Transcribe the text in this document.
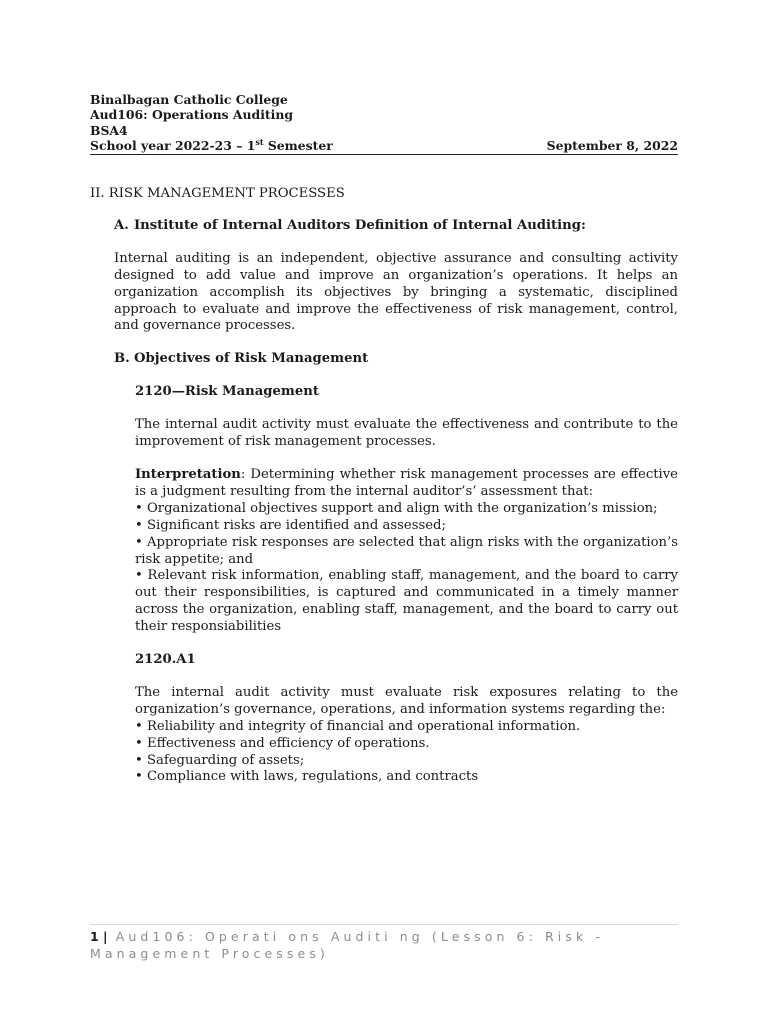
Binalbagan Catholic College
Aud106: Operations Auditing
BSA4
School year 2022-23 – 1st Semester	September 8, 2022
II. RISK MANAGEMENT PROCESSES
A. Institute of Internal Auditors Definition of Internal Auditing:
Internal auditing is an independent, objective assurance and consulting activity designed to add value and improve an organization’s operations. It helps an organization accomplish its objectives by bringing a systematic, disciplined approach to evaluate and improve the effectiveness of risk management, control, and governance processes.
B. Objectives of Risk Management
2120—Risk Management
The internal audit activity must evaluate the effectiveness and contribute to the improvement of risk management processes.
Interpretation: Determining whether risk management processes are effective is a judgment resulting from the internal auditor’s’ assessment that:
• Organizational objectives support and align with the organization’s mission;
• Significant risks are identified and assessed;
• Appropriate risk responses are selected that align risks with the organization’s risk appetite; and
• Relevant risk information, enabling staff, management, and the board to carry out their responsibilities, is captured and communicated in a timely manner across the organization, enabling staff, management, and the board to carry out their responsiabilities
2120.A1
The internal audit activity must evaluate risk exposures relating to the organization’s governance, operations, and information systems regarding the:
• Reliability and integrity of financial and operational information.
• Effectiveness and efficiency of operations.
• Safeguarding of assets;
• Compliance with laws, regulations, and contracts
1 | Aud106: Operati ons Auditi ng (Lesson 6: Risk - Management Processes)
